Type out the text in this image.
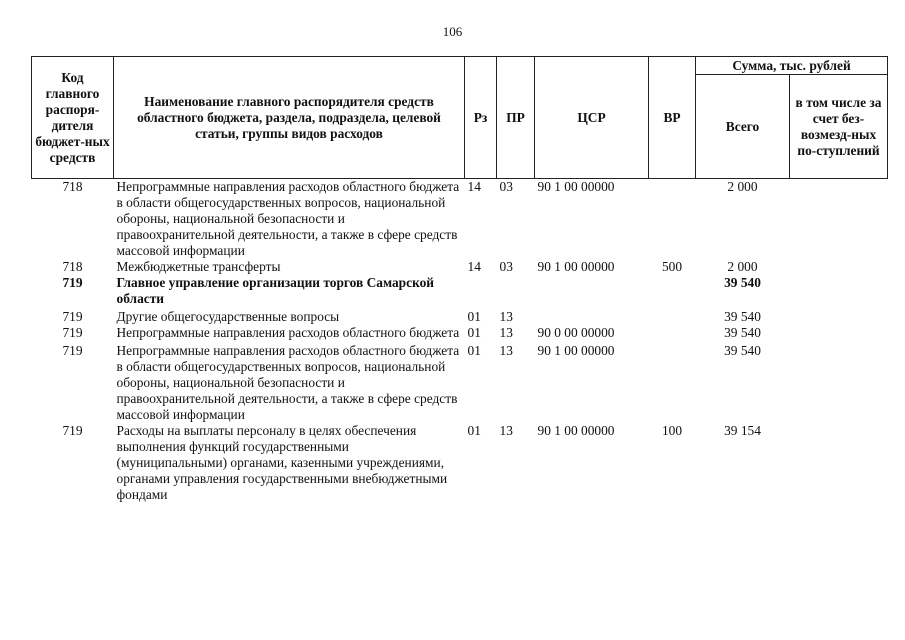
106
Код главного распоря-дителя бюджет-ных средств	Наименование главного распорядителя средств областного бюджета, раздела, подраздела, целевой статьи, группы видов расходов	Рз	ПР	ЦСР	ВР	Сумма, тыс. рублей	
						Всего	в том числе за счет без-возмезд-ных по-ступлений
718	Непрограммные направления расходов областного бюджета в области общегосударственных вопросов, национальной обороны, национальной безопасности и правоохранительной деятельности, а также в сфере средств массовой информации	14	03	90 1 00 00000		2 000	
718	Межбюджетные трансферты	14	03	90 1 00 00000	500	2 000	
719	Главное управление организации торгов Самарской области					39 540	
719	Другие общегосударственные вопросы	01	13			39 540	
719	Непрограммные направления расходов областного бюджета	01	13	90 0 00 00000		39 540	
719	Непрограммные направления расходов областного бюджета в области общегосударственных вопросов, национальной обороны, национальной безопасности и правоохранительной деятельности, а также в сфере средств массовой информации	01	13	90 1 00 00000		39 540	
719	Расходы на выплаты персоналу в целях обеспечения выполнения функций государственными (муниципальными) органами, казенными учреждениями, органами управления государственными внебюджетными фондами	01	13	90 1 00 00000	100	39 154	
